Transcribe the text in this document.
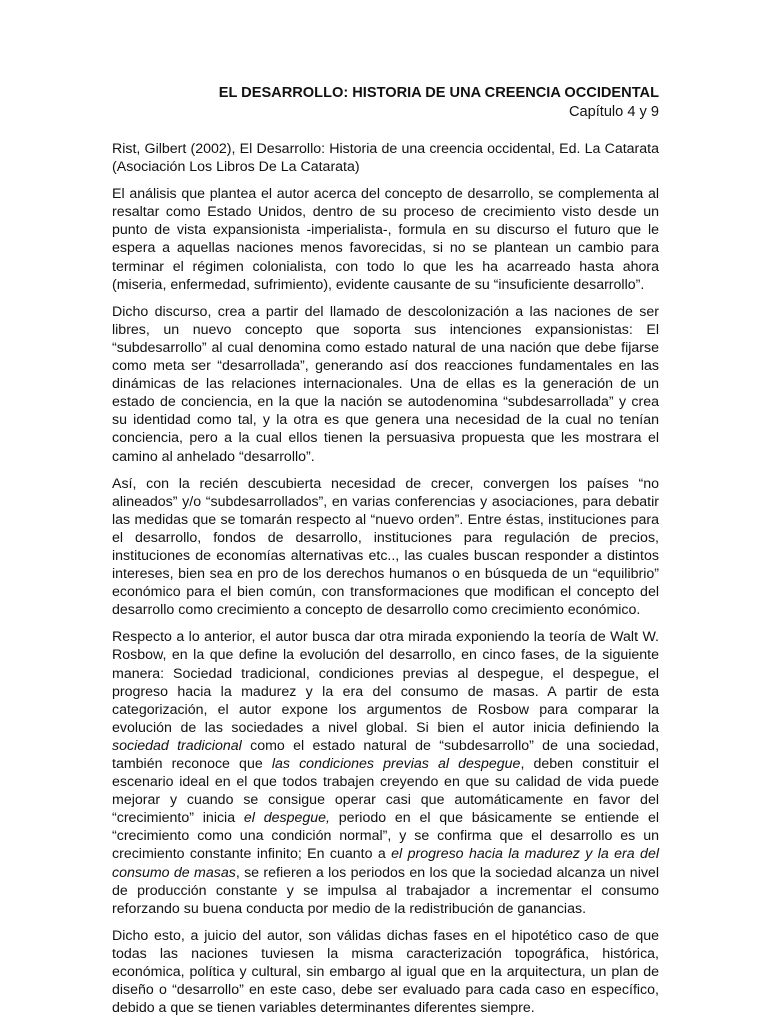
EL DESARROLLO: HISTORIA DE UNA CREENCIA OCCIDENTAL
Capítulo 4 y 9

Rist, Gilbert (2002), El Desarrollo: Historia de una creencia occidental, Ed. La Catarata (Asociación Los Libros De La Catarata)

El análisis que plantea el autor acerca del concepto de desarrollo, se complementa al resaltar como Estado Unidos, dentro de su proceso de crecimiento visto desde un punto de vista expansionista -imperialista-, formula en su discurso el futuro que le espera a aquellas naciones menos favorecidas, si no se plantean un cambio para terminar el régimen colonialista, con todo lo que les ha acarreado hasta ahora (miseria, enfermedad, sufrimiento), evidente causante de su “insuficiente desarrollo”.

Dicho discurso, crea a partir del llamado de descolonización a las naciones de ser libres, un nuevo concepto que soporta sus intenciones expansionistas: El “subdesarrollo” al cual denomina como estado natural de una nación que debe fijarse como meta ser “desarrollada”, generando así dos reacciones fundamentales en las dinámicas de las relaciones internacionales. Una de ellas es la generación de un estado de conciencia, en la que la nación se autodenomina “subdesarrollada” y crea su identidad como tal, y la otra es que genera una necesidad de la cual no tenían conciencia, pero a la cual ellos tienen la persuasiva propuesta que les mostrara el camino al anhelado “desarrollo”.

Así, con la recién descubierta necesidad de crecer, convergen los países “no alineados” y/o “subdesarrollados”, en varias conferencias y asociaciones, para debatir las medidas que se tomarán respecto al “nuevo orden”. Entre éstas, instituciones para el desarrollo, fondos de desarrollo, instituciones para regulación de precios, instituciones de economías alternativas etc.., las cuales buscan responder a distintos intereses, bien sea en pro de los derechos humanos o en búsqueda de un “equilibrio” económico para el bien común, con transformaciones que modifican el concepto del desarrollo como crecimiento a concepto de desarrollo como crecimiento económico.

Respecto a lo anterior, el autor busca dar otra mirada exponiendo la teoría de Walt W. Rosbow, en la que define la evolución del desarrollo, en cinco fases, de la siguiente manera: Sociedad tradicional, condiciones previas al despegue, el despegue, el progreso hacia la madurez y la era del consumo de masas. A partir de esta categorización, el autor expone los argumentos de Rosbow para comparar la evolución de las sociedades a nivel global. Si bien el autor inicia definiendo la sociedad tradicional como el estado natural de “subdesarrollo” de una sociedad, también reconoce que las condiciones previas al despegue, deben constituir el escenario ideal en el que todos trabajen creyendo en que su calidad de vida puede mejorar y cuando se consigue operar casi que automáticamente en favor del “crecimiento” inicia el despegue, periodo en el que básicamente se entiende el “crecimiento como una condición normal”, y se confirma que el desarrollo es un crecimiento constante infinito; En cuanto a el progreso hacia la madurez y la era del consumo de masas, se refieren a los periodos en los que la sociedad alcanza un nivel de producción constante y se impulsa al trabajador a incrementar el consumo reforzando su buena conducta por medio de la redistribución de ganancias.

Dicho esto, a juicio del autor, son válidas dichas fases en el hipotético caso de que todas las naciones tuviesen la misma caracterización topográfica, histórica, económica, política y cultural, sin embargo al igual que en la arquitectura, un plan de diseño o “desarrollo” en este caso, debe ser evaluado para cada caso en específico, debido a que se tienen variables determinantes diferentes siempre.
